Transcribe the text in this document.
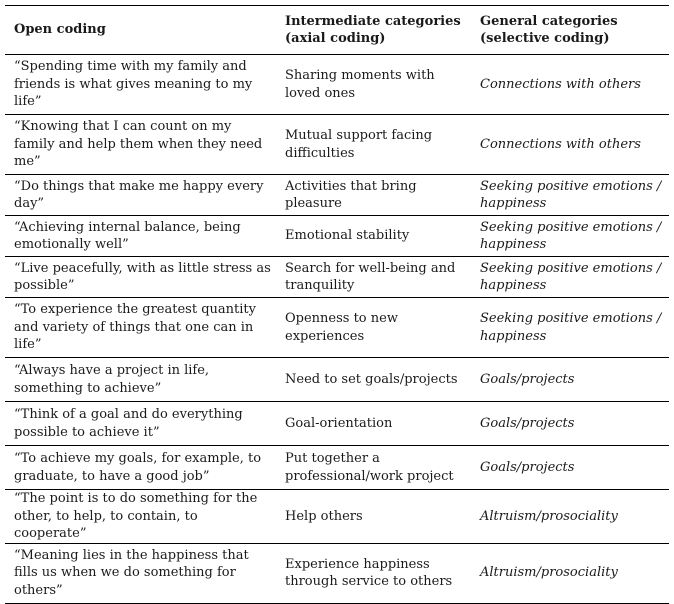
Open coding	Intermediate categories (axial coding)	General categories (selective coding)
“Spending time with my family and friends is what gives meaning to my life”	Sharing moments with loved ones	Connections with others
“Knowing that I can count on my family and help them when they need me”	Mutual support facing difficulties	Connections with others
“Do things that make me happy every day”	Activities that bring pleasure	Seeking positive emotions / happiness
“Achieving internal balance, being emotionally well”	Emotional stability	Seeking positive emotions / happiness
“Live peacefully, with as little stress as possible”	Search for well-being and tranquility	Seeking positive emotions / happiness
“To experience the greatest quantity and variety of things that one can in life”	Openness to new experiences	Seeking positive emotions / happiness
“Always have a project in life, something to achieve”	Need to set goals/projects	Goals/projects
“Think of a goal and do everything possible to achieve it”	Goal-orientation	Goals/projects
“To achieve my goals, for example, to graduate, to have a good job”	Put together a professional/work project	Goals/projects
“The point is to do something for the other, to help, to contain, to cooperate”	Help others	Altruism/prosociality
“Meaning lies in the happiness that fills us when we do something for others”	Experience happiness through service to others	Altruism/prosociality
